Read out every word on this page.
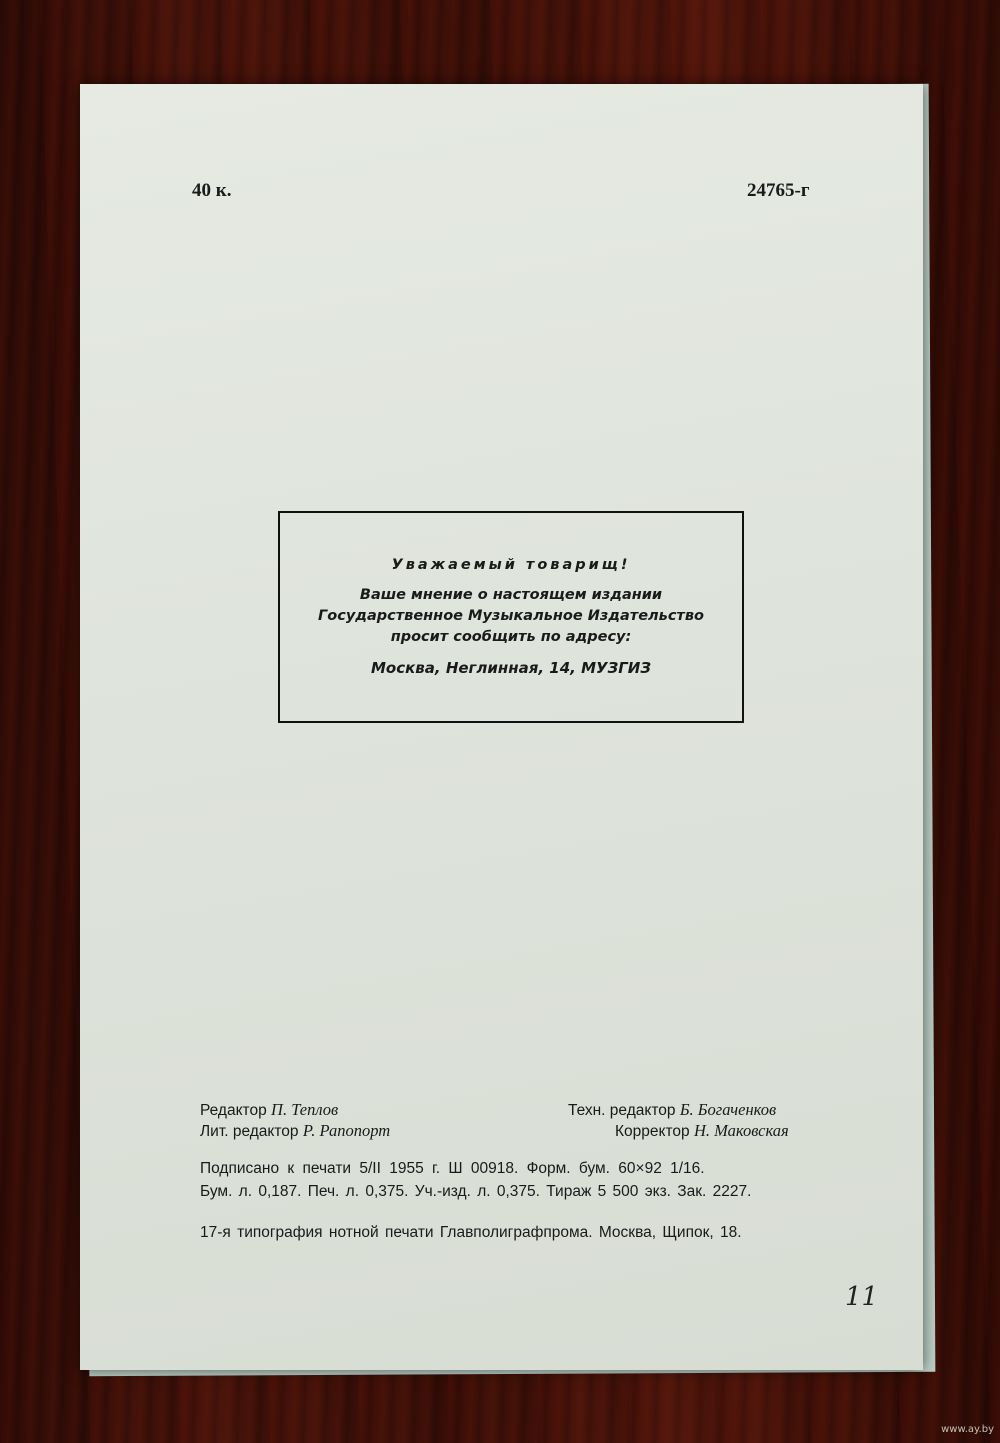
40 к.	24765-г
Уважаемый товарищ!
Ваше мнение о настоящем издании
Государственное Музыкальное Издательство
просит сообщить по адресу:
Москва, Неглинная, 14, МУЗГИЗ
Редактор П. Теплов
Лит. редактор Р. Рапопорт
Техн. редактор Б. Богаченков
Корректор Н. Маковская
Подписано к печати 5/II 1955 г. Ш 00918. Форм. бум. 60×92 1/16.
Бум. л. 0,187. Печ. л. 0,375. Уч.-изд. л. 0,375. Тираж 5 500 экз. Зак. 2227.
17-я типография нотной печати Главполиграфпрома. Москва, Щипок, 18.
11
www.ay.by
